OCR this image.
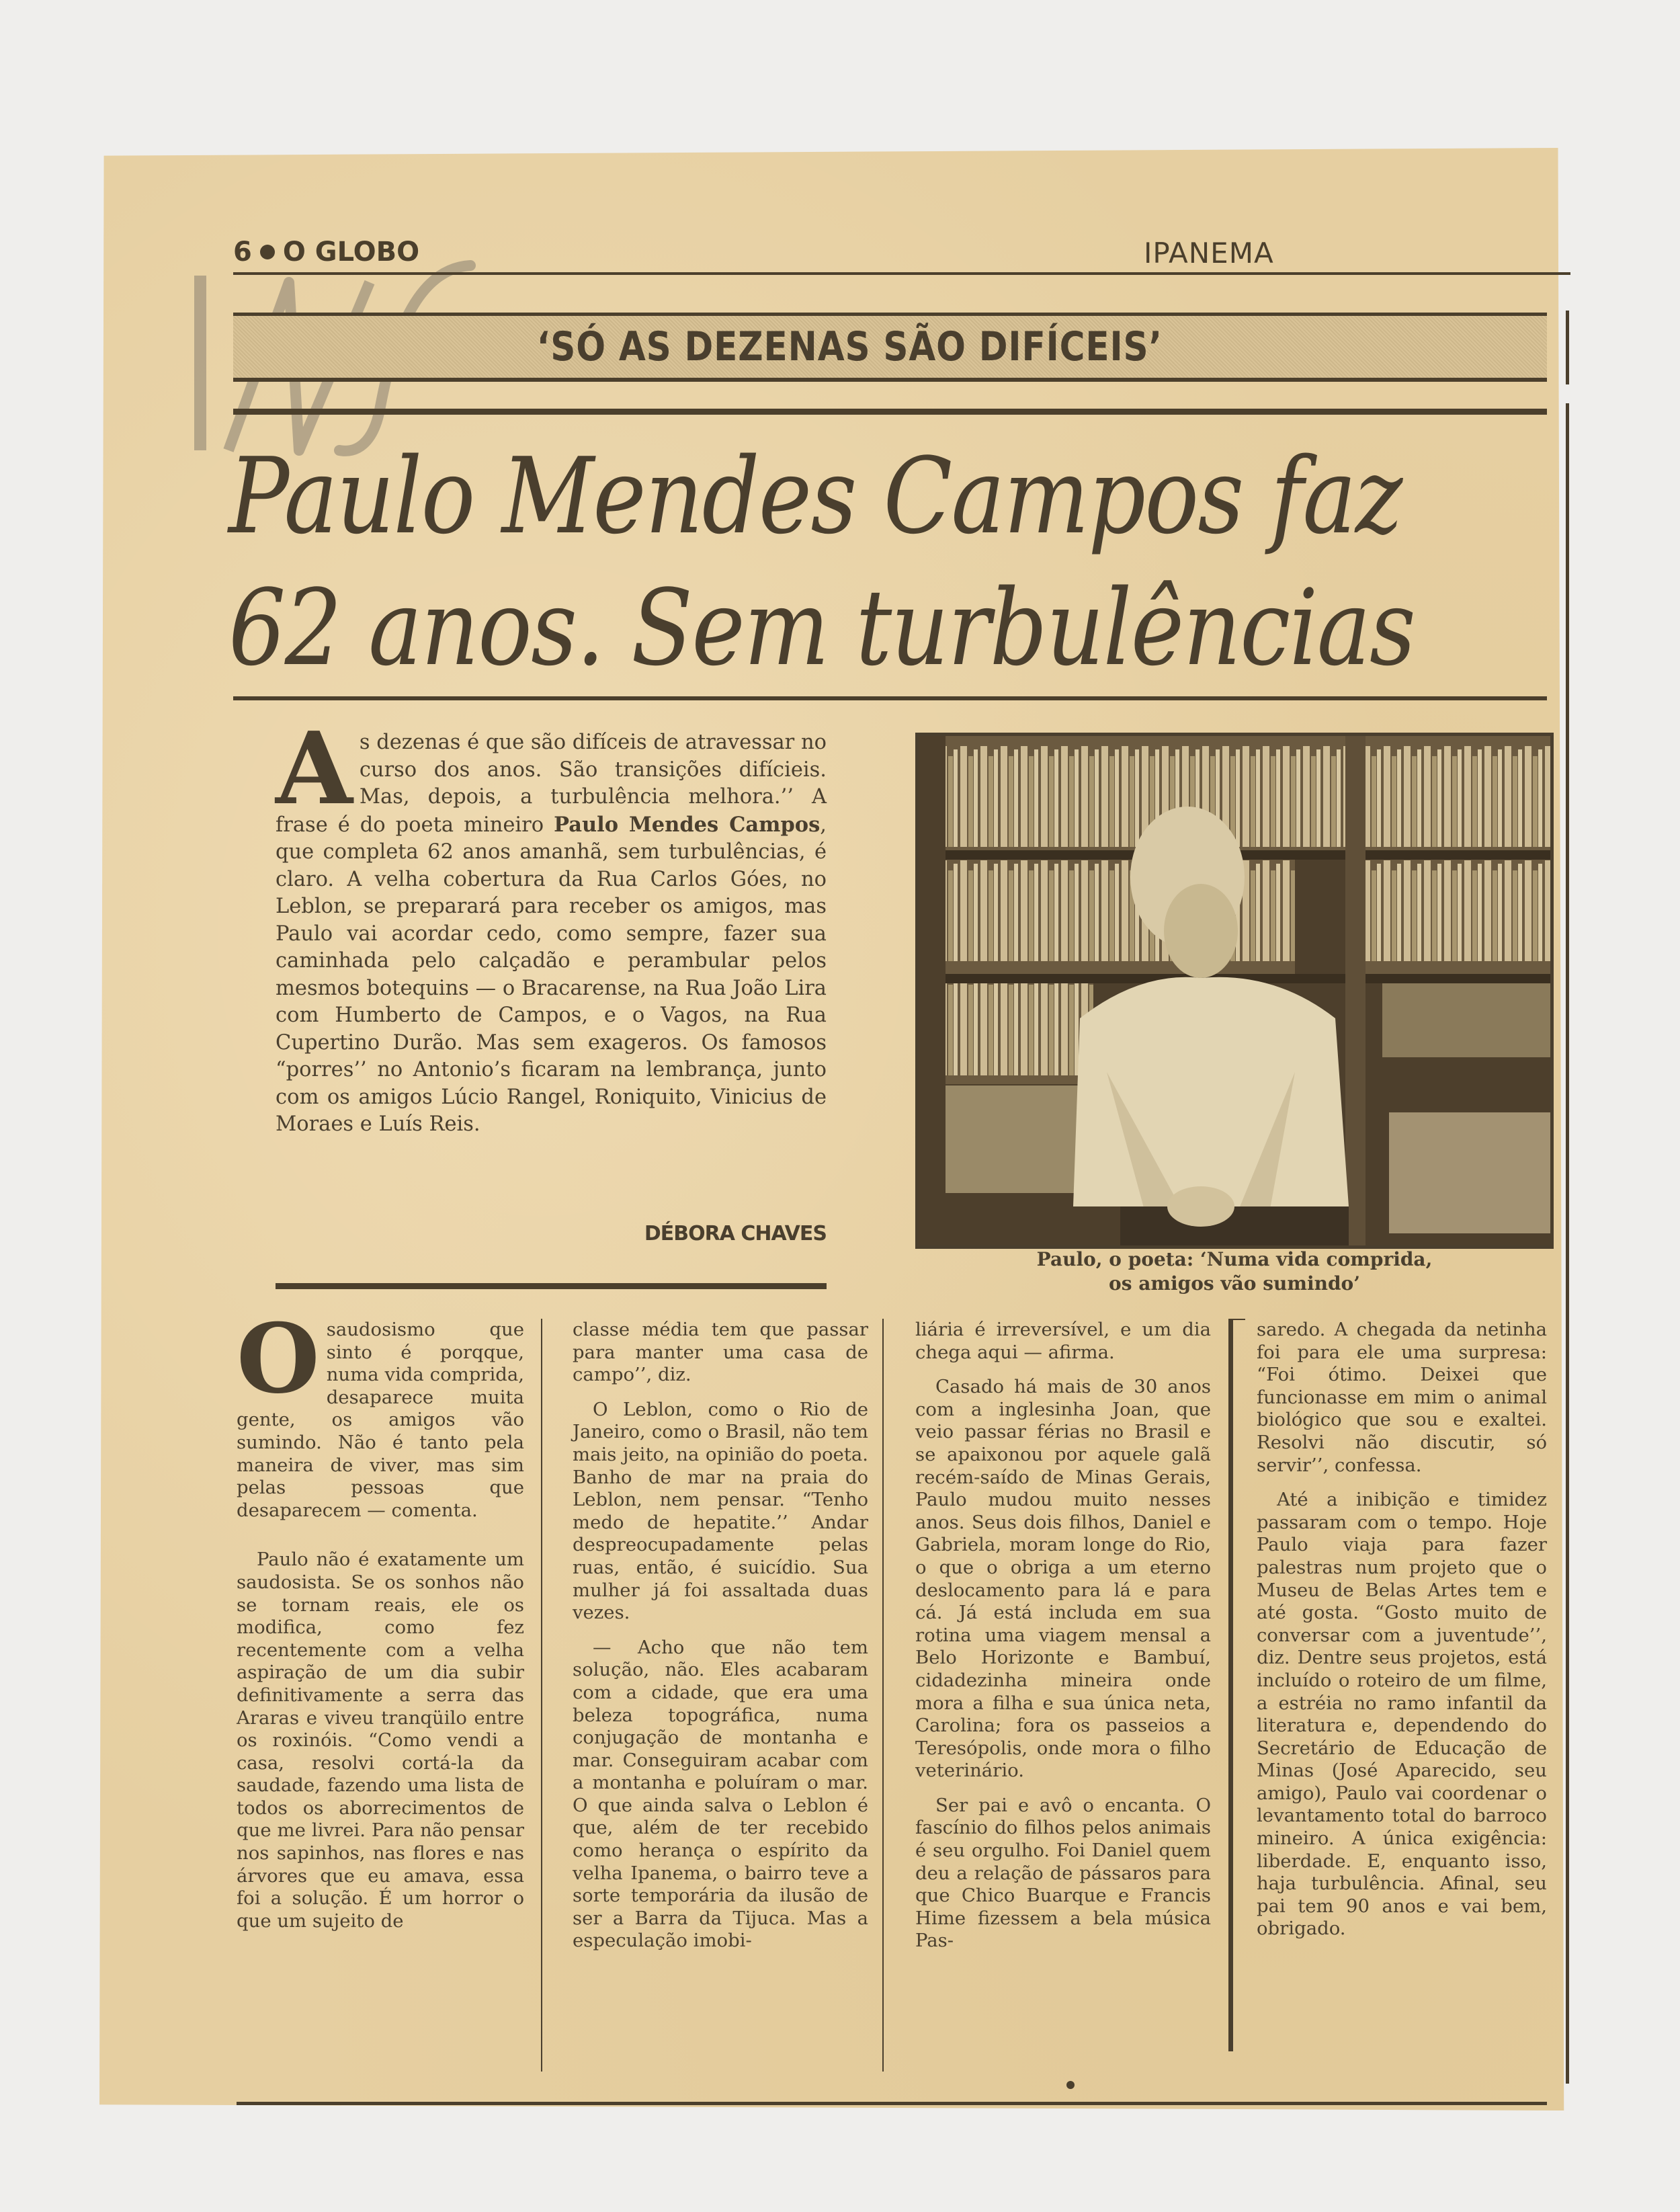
6 O GLOBO	IPANEMA
‘SÓ AS DEZENAS SÃO DIFÍCEIS’
Paulo Mendes Campos faz
62 anos. Sem turbulências
As dezenas é que são difíceis de atravessar no curso dos anos. São transições difícieis. Mas, depois, a turbulência melhora.’’ A frase é do poeta mineiro Paulo Mendes Campos, que completa 62 anos amanhã, sem turbulências, é claro. A velha cobertura da Rua Carlos Góes, no Leblon, se preparará para receber os amigos, mas Paulo vai acordar cedo, como sempre, fazer sua caminhada pelo calçadão e perambular pelos mesmos botequins — o Bracarense, na Rua João Lira com Humberto de Campos, e o Vagos, na Rua Cupertino Durão. Mas sem exageros. Os famosos “porres’’ no Antonio’s ficaram na lembrança, junto com os amigos Lúcio Rangel, Roniquito, Vinicius de Moraes e Luís Reis.
DÉBORA CHAVES
Paulo, o poeta: ‘Numa vida comprida,
os amigos vão sumindo’

O saudosismo que sinto é porqque, numa vida comprida, desaparece muita gente, os amigos vão sumindo. Não é tanto pela maneira de viver, mas sim pelas pessoas que desaparecem — comenta.

Paulo não é exatamente um saudosista. Se os sonhos não se tornam reais, ele os modifica, como fez recentemente com a velha aspiração de um dia subir definitivamente a serra das Araras e viveu tranqüilo entre os roxinóis. “Como vendi a casa, resolvi cortá-la da saudade, fazendo uma lista de todos os aborrecimentos de que me livrei. Para não pensar nos sapinhos, nas flores e nas árvores que eu amava, essa foi a solução. É um horror o que um sujeito de

classe média tem que passar para manter uma casa de campo’’, diz.

O Leblon, como o Rio de Janeiro, como o Brasil, não tem mais jeito, na opinião do poeta. Banho de mar na praia do Leblon, nem pensar. “Tenho medo de hepatite.’’ Andar despreocupadamente pelas ruas, então, é suicídio. Sua mulher já foi assaltada duas vezes.

— Acho que não tem solução, não. Eles acabaram com a cidade, que era uma beleza topográfica, numa conjugação de montanha e mar. Conseguiram acabar com a montanha e poluíram o mar. O que ainda salva o Leblon é que, além de ter recebido como herança o espírito da velha Ipanema, o bairro teve a sorte temporária da ilusão de ser a Barra da Tijuca. Mas a especulação imobi-

liária é irreversível, e um dia chega aqui — afirma.

Casado há mais de 30 anos com a inglesinha Joan, que veio passar férias no Brasil e se apaixonou por aquele galã recém-saído de Minas Gerais, Paulo mudou muito nesses anos. Seus dois filhos, Daniel e Gabriela, moram longe do Rio, o que o obriga a um eterno deslocamento para lá e para cá. Já está includa em sua rotina uma viagem mensal a Belo Horizonte e Bambuí, cidadezinha mineira onde mora a filha e sua única neta, Carolina; fora os passeios a Teresópolis, onde mora o filho veterinário.

Ser pai e avô o encanta. O fascínio do filhos pelos animais é seu orgulho. Foi Daniel quem deu a relação de pássaros para que Chico Buarque e Francis Hime fizessem a bela música Pas-

saredo. A chegada da netinha foi para ele uma surpresa: “Foi ótimo. Deixei que funcionasse em mim o animal biológico que sou e exaltei. Resolvi não discutir, só servir’’, confessa.

Até a inibição e timidez passaram com o tempo. Hoje Paulo viaja para fazer palestras num projeto que o Museu de Belas Artes tem e até gosta. “Gosto muito de conversar com a juventude’’, diz. Dentre seus projetos, está incluído o roteiro de um filme, a estréia no ramo infantil da literatura e, dependendo do Secretário de Educação de Minas (José Aparecido, seu amigo), Paulo vai coordenar o levantamento total do barroco mineiro. A única exigência: liberdade. E, enquanto isso, haja turbulência. Afinal, seu pai tem 90 anos e vai bem, obrigado.
